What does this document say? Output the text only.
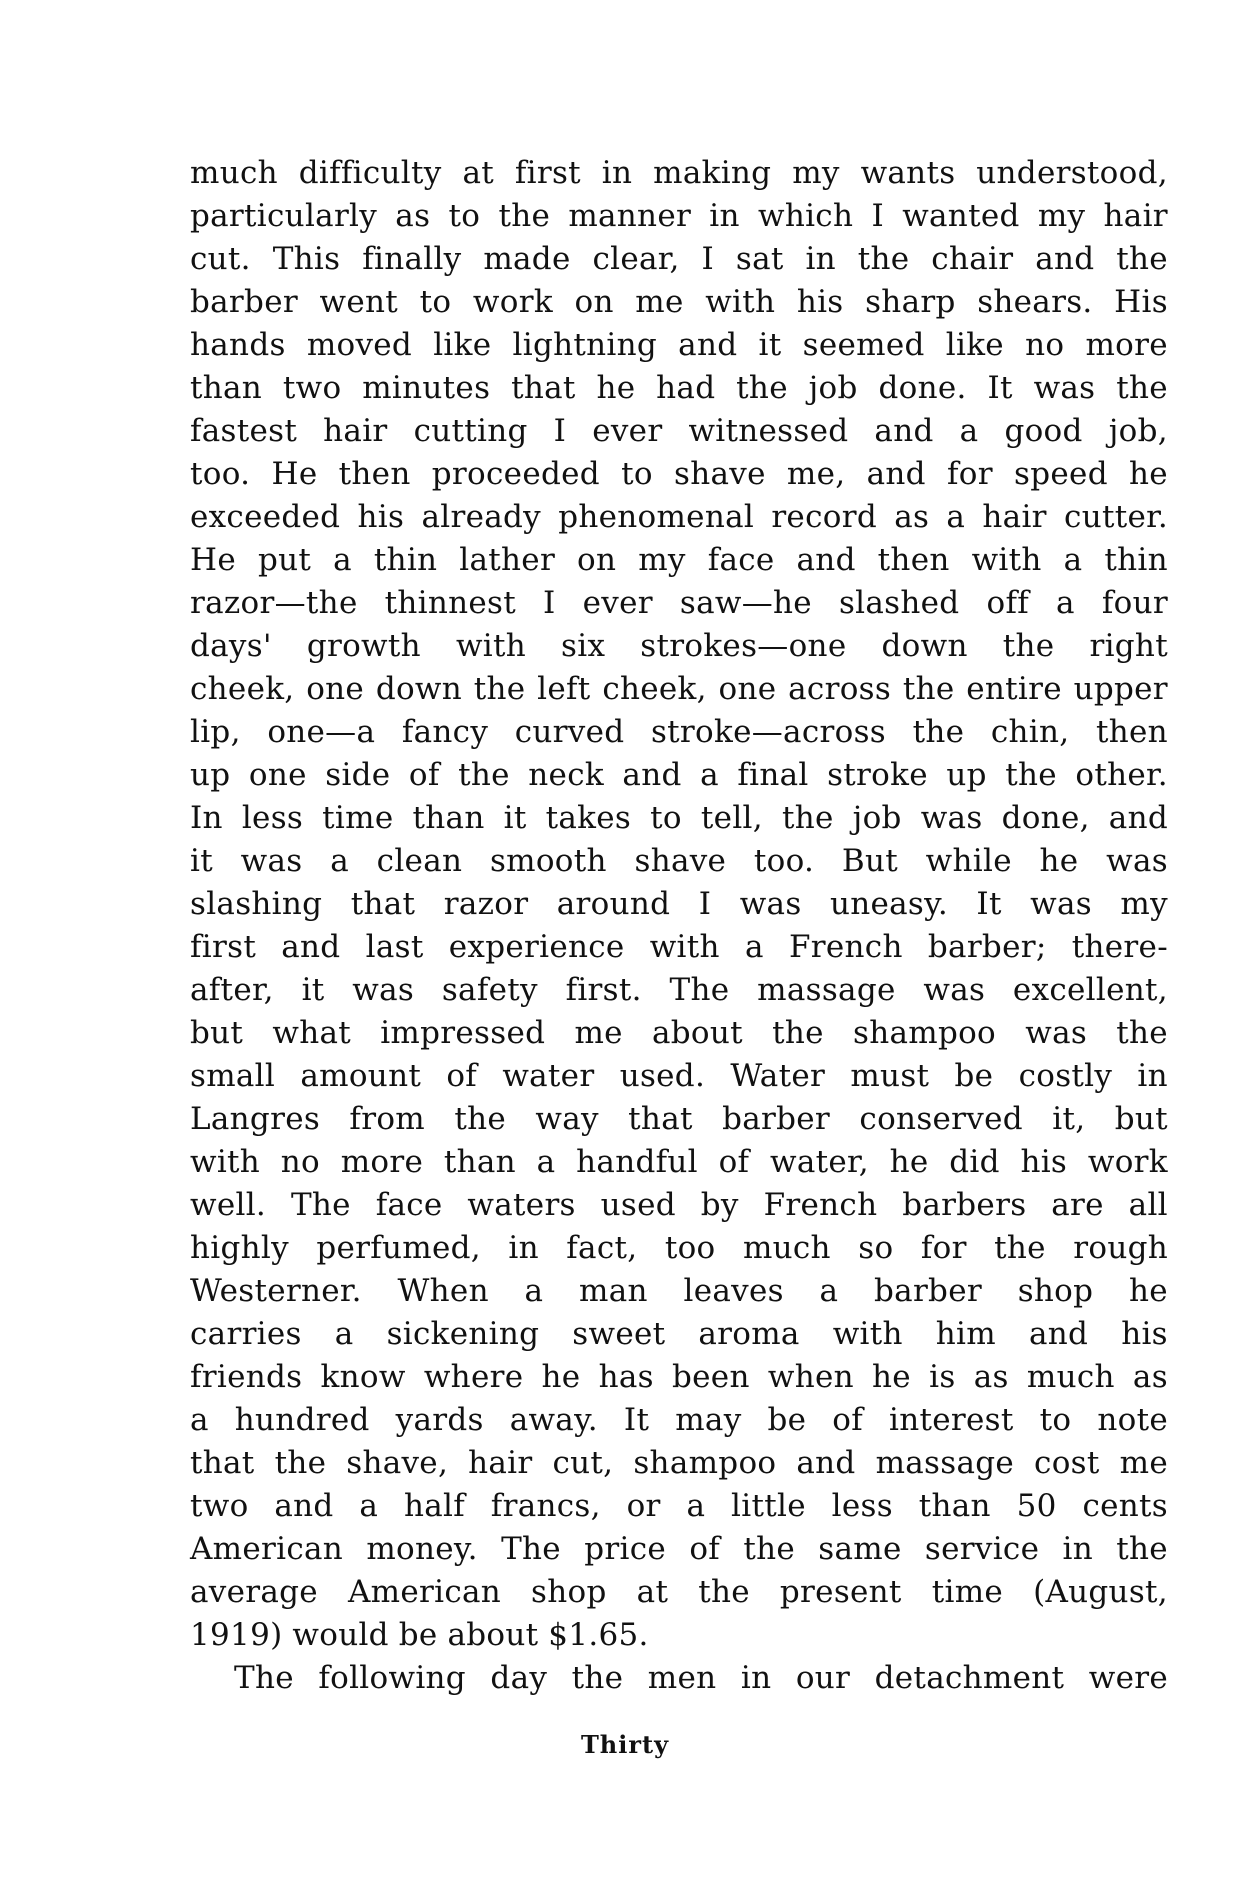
much difficulty at first in making my wants understood,
particularly as to the manner in which I wanted my hair
cut. This finally made clear, I sat in the chair and the
barber went to work on me with his sharp shears. His
hands moved like lightning and it seemed like no more
than two minutes that he had the job done. It was the
fastest hair cutting I ever witnessed and a good job,
too. He then proceeded to shave me, and for speed he
exceeded his already phenomenal record as a hair cutter.
He put a thin lather on my face and then with a thin
razor—the thinnest I ever saw—he slashed off a four
days' growth with six strokes—one down the right
cheek, one down the left cheek, one across the entire upper
lip, one—a fancy curved stroke—across the chin, then
up one side of the neck and a final stroke up the other.
In less time than it takes to tell, the job was done, and
it was a clean smooth shave too. But while he was
slashing that razor around I was uneasy. It was my
first and last experience with a French barber; there-
after, it was safety first. The massage was excellent,
but what impressed me about the shampoo was the
small amount of water used. Water must be costly in
Langres from the way that barber conserved it, but
with no more than a handful of water, he did his work
well. The face waters used by French barbers are all
highly perfumed, in fact, too much so for the rough
Westerner. When a man leaves a barber shop he
carries a sickening sweet aroma with him and his
friends know where he has been when he is as much as
a hundred yards away. It may be of interest to note
that the shave, hair cut, shampoo and massage cost me
two and a half francs, or a little less than 50 cents
American money. The price of the same service in the
average American shop at the present time (August,
1919) would be about $1.65.
The following day the men in our detachment were
Thirty
